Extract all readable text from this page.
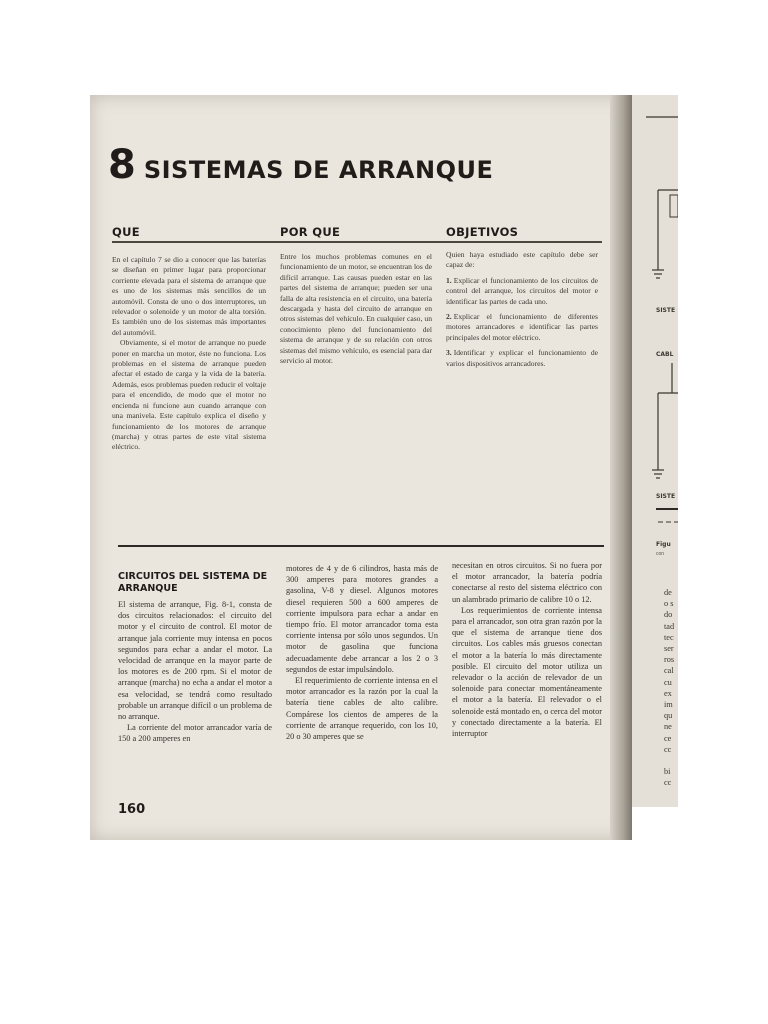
8 SISTEMAS DE ARRANQUE
QUE	POR QUE	OBJETIVOS

En el capítulo 7 se dio a conocer que las baterías se diseñan en primer lugar para proporcionar corriente elevada para el sistema de arranque que es uno de los sistemas más sencillos de un automóvil. Consta de uno o dos interruptores, un relevador o solenoide y un motor de alta torsión. Es también uno de los sistemas más importantes del automóvil.

Obviamente, si el motor de arranque no puede poner en marcha un motor, éste no funciona. Los problemas en el sistema de arranque pueden afectar el estado de carga y la vida de la batería. Además, esos problemas pueden reducir el voltaje para el encendido, de modo que el motor no encienda ni funcione aun cuando arranque con una manivela. Este capítulo explica el diseño y funcionamiento de los motores de arranque (marcha) y otras partes de este vital sistema eléctrico.

Entre los muchos problemas comunes en el funcionamiento de un motor, se encuentran los de difícil arranque. Las causas pueden estar en las partes del sistema de arranque; pueden ser una falla de alta resistencia en el circuito, una batería descargada y hasta del circuito de arranque en otros sistemas del vehículo. En cualquier caso, un conocimiento pleno del funcionamiento del sistema de arranque y de su relación con otros sistemas del mismo vehículo, es esencial para dar servicio al motor.

Quien haya estudiado este capítulo debe ser capaz de:

1. Explicar el funcionamiento de los circuitos de control del arranque, los circuitos del motor e identificar las partes de cada uno.

2. Explicar el funcionamiento de diferentes motores arrancadores e identificar las partes principales del motor eléctrico.

3. Identificar y explicar el funcionamiento de varios dispositivos arrancadores.

CIRCUITOS DEL SISTEMA DE ARRANQUE

El sistema de arranque, Fig. 8-1, consta de dos circuitos relacionados: el circuito del motor y el circuito de control. El motor de arranque jala corriente muy intensa en pocos segundos para echar a andar el motor. La velocidad de arranque en la mayor parte de los motores es de 200 rpm. Si el motor de arranque (marcha) no echa a andar el motor a esa velocidad, se tendrá como resultado probable un arranque difícil o un problema de no arranque.

La corriente del motor arrancador varía de 150 a 200 amperes en

motores de 4 y de 6 cilindros, hasta más de 300 amperes para motores grandes a gasolina, V-8 y diesel. Algunos motores diesel requieren 500 a 600 amperes de corriente impulsora para echar a andar en tiempo frío. El motor arrancador toma esta corriente intensa por sólo unos segundos. Un motor de gasolina que funciona adecuadamente debe arrancar a los 2 o 3 segundos de estar impulsándolo.

El requerimiento de corriente intensa en el motor arrancador es la razón por la cual la batería tiene cables de alto calibre. Compárese los cientos de amperes de la corriente de arranque requerido, con los 10, 20 o 30 amperes que se

necesitan en otros circuitos. Si no fuera por el motor arrancador, la batería podría conectarse al resto del sistema eléctrico con un alambrado primario de calibre 10 o 12.

Los requerimientos de corriente intensa para el arrancador, son otra gran razón por la que el sistema de arranque tiene dos circuitos. Los cables más gruesos conectan el motor a la batería lo más directamente posible. El circuito del motor utiliza un relevador o la acción de relevador de un solenoide para conectar momentáneamente el motor a la batería. El relevador o el solenoide está montado en, o cerca del motor y conectado directamente a la batería. El interruptor

160
SISTE
CABL
SISTE
Figu
con
de
o s
do
tad
tec
ser
ros
cal
cu
ex
im
qu
ne
ce
cc
bi
cc
